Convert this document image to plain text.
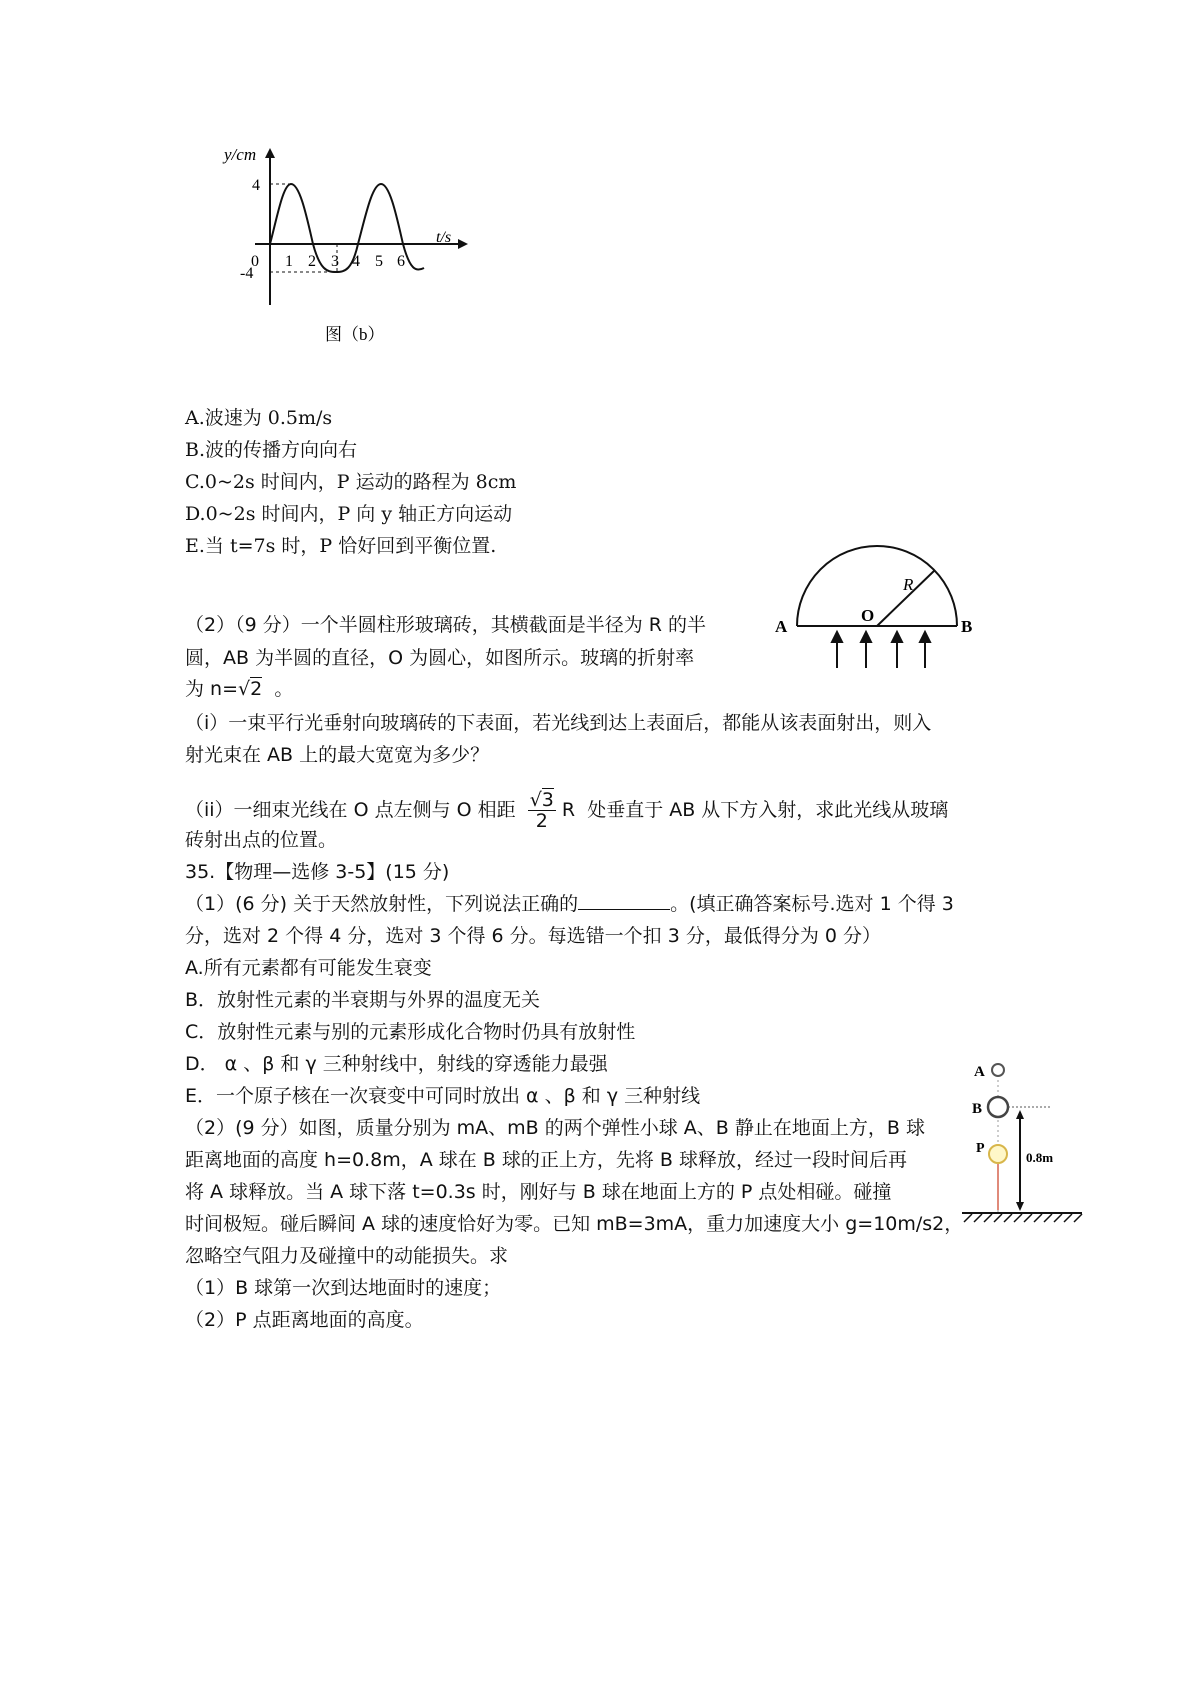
y/cm
t/s
4
-4
0 1 2 3 4 5 6
图（b）
A.波速为 0.5m/s
B.波的传播方向向右
C.0~2s 时间内，P 运动的路程为 8cm
D.0~2s 时间内，P 向 y 轴正方向运动
E.当 t=7s 时，P 恰好回到平衡位置.
A
O
R
B
（2）（9 分）一个半圆柱形玻璃砖，其横截面是半径为 R 的半
圆，AB 为半圆的直径，O 为圆心，如图所示。玻璃的折射率
为 n=√2 。
（i）一束平行光垂射向玻璃砖的下表面，若光线到达上表面后，都能从该表面射出，则入
射光束在 AB 上的最大宽宽为多少？
（ii）一细束光线在 O 点左侧与 O 相距 $\frac{√3}{2}$ R 处垂直于 AB 从下方入射，求此光线从玻璃
砖射出点的位置。
35.【物理—选修 3-5】(15 分)
（1）(6 分) 关于天然放射性，下列说法正确的	。(填正确答案标号.选对 1 个得 3
分，选对 2 个得 4 分，选对 3 个得 6 分。每选错一个扣 3 分，最低得分为 0 分）
A.所有元素都有可能发生衰变
B．放射性元素的半衰期与外界的温度无关
C．放射性元素与别的元素形成化合物时仍具有放射性
D． α 、β 和 γ 三种射线中，射线的穿透能力最强
E．一个原子核在一次衰变中可同时放出 α 、β 和 γ 三种射线
（2）(9 分）如图，质量分别为 mA、mB 的两个弹性小球 A、B 静止在地面上方，B 球
距离地面的高度 h=0.8m，A 球在 B 球的正上方，先将 B 球释放，经过一段时间后再
将 A 球释放。当 A 球下落 t=0.3s 时，刚好与 B 球在地面上方的 P 点处相碰。碰撞
时间极短。碰后瞬间 A 球的速度恰好为零。已知 mB=3mA，重力加速度大小 g=10m/s2，
忽略空气阻力及碰撞中的动能损失。求
（1）B 球第一次到达地面时的速度；
（2）P 点距离地面的高度。
A
B
P
0.8m
